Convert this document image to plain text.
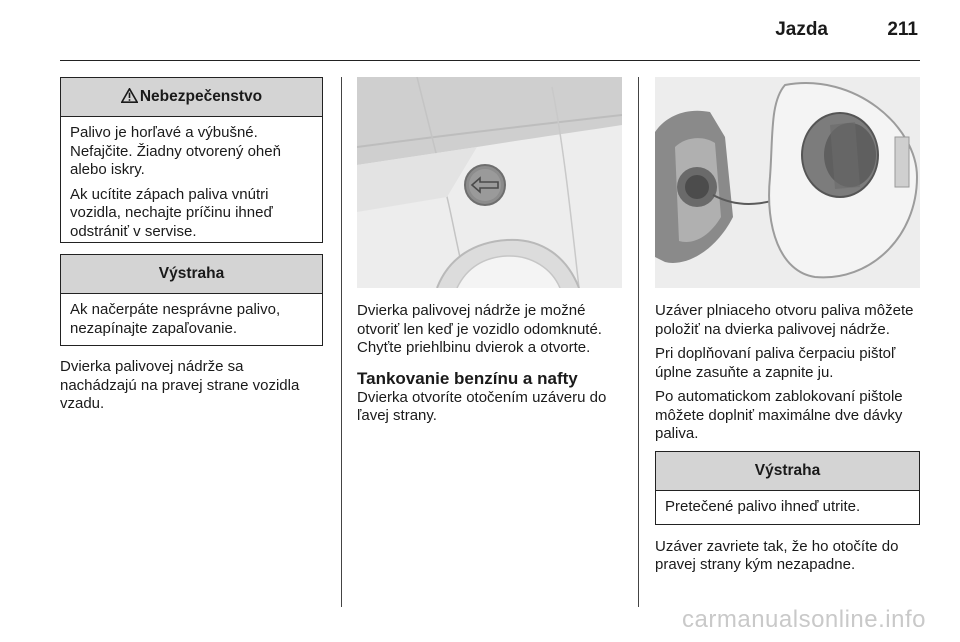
Jazda	211
Nebezpečenstvo

Palivo je horľavé a výbušné. Nefajčite. Žiadny otvorený oheň alebo iskry.

Ak ucítite zápach paliva vnútri vozidla, nechajte príčinu ihneď odstrániť v servise.

Výstraha

Ak načerpáte nesprávne palivo, nezapínajte zapaľovanie.

Dvierka palivovej nádrže sa nachádzajú na pravej strane vozidla vzadu.

Dvierka palivovej nádrže je možné otvoriť len keď je vozidlo odomknuté. Chyťte priehlbinu dvierok a otvorte.

Tankovanie benzínu a nafty

Dvierka otvoríte otočením uzáveru do ľavej strany.

Uzáver plniaceho otvoru paliva môžete položiť na dvierka palivovej nádrže.

Pri doplňovaní paliva čerpaciu pištoľ úplne zasuňte a zapnite ju.

Po automatickom zablokovaní pištole môžete doplniť maximálne dve dávky paliva.

Výstraha

Pretečené palivo ihneď utrite.

Uzáver zavriete tak, že ho otočíte do pravej strany kým nezapadne.

carmanualsonline.info
